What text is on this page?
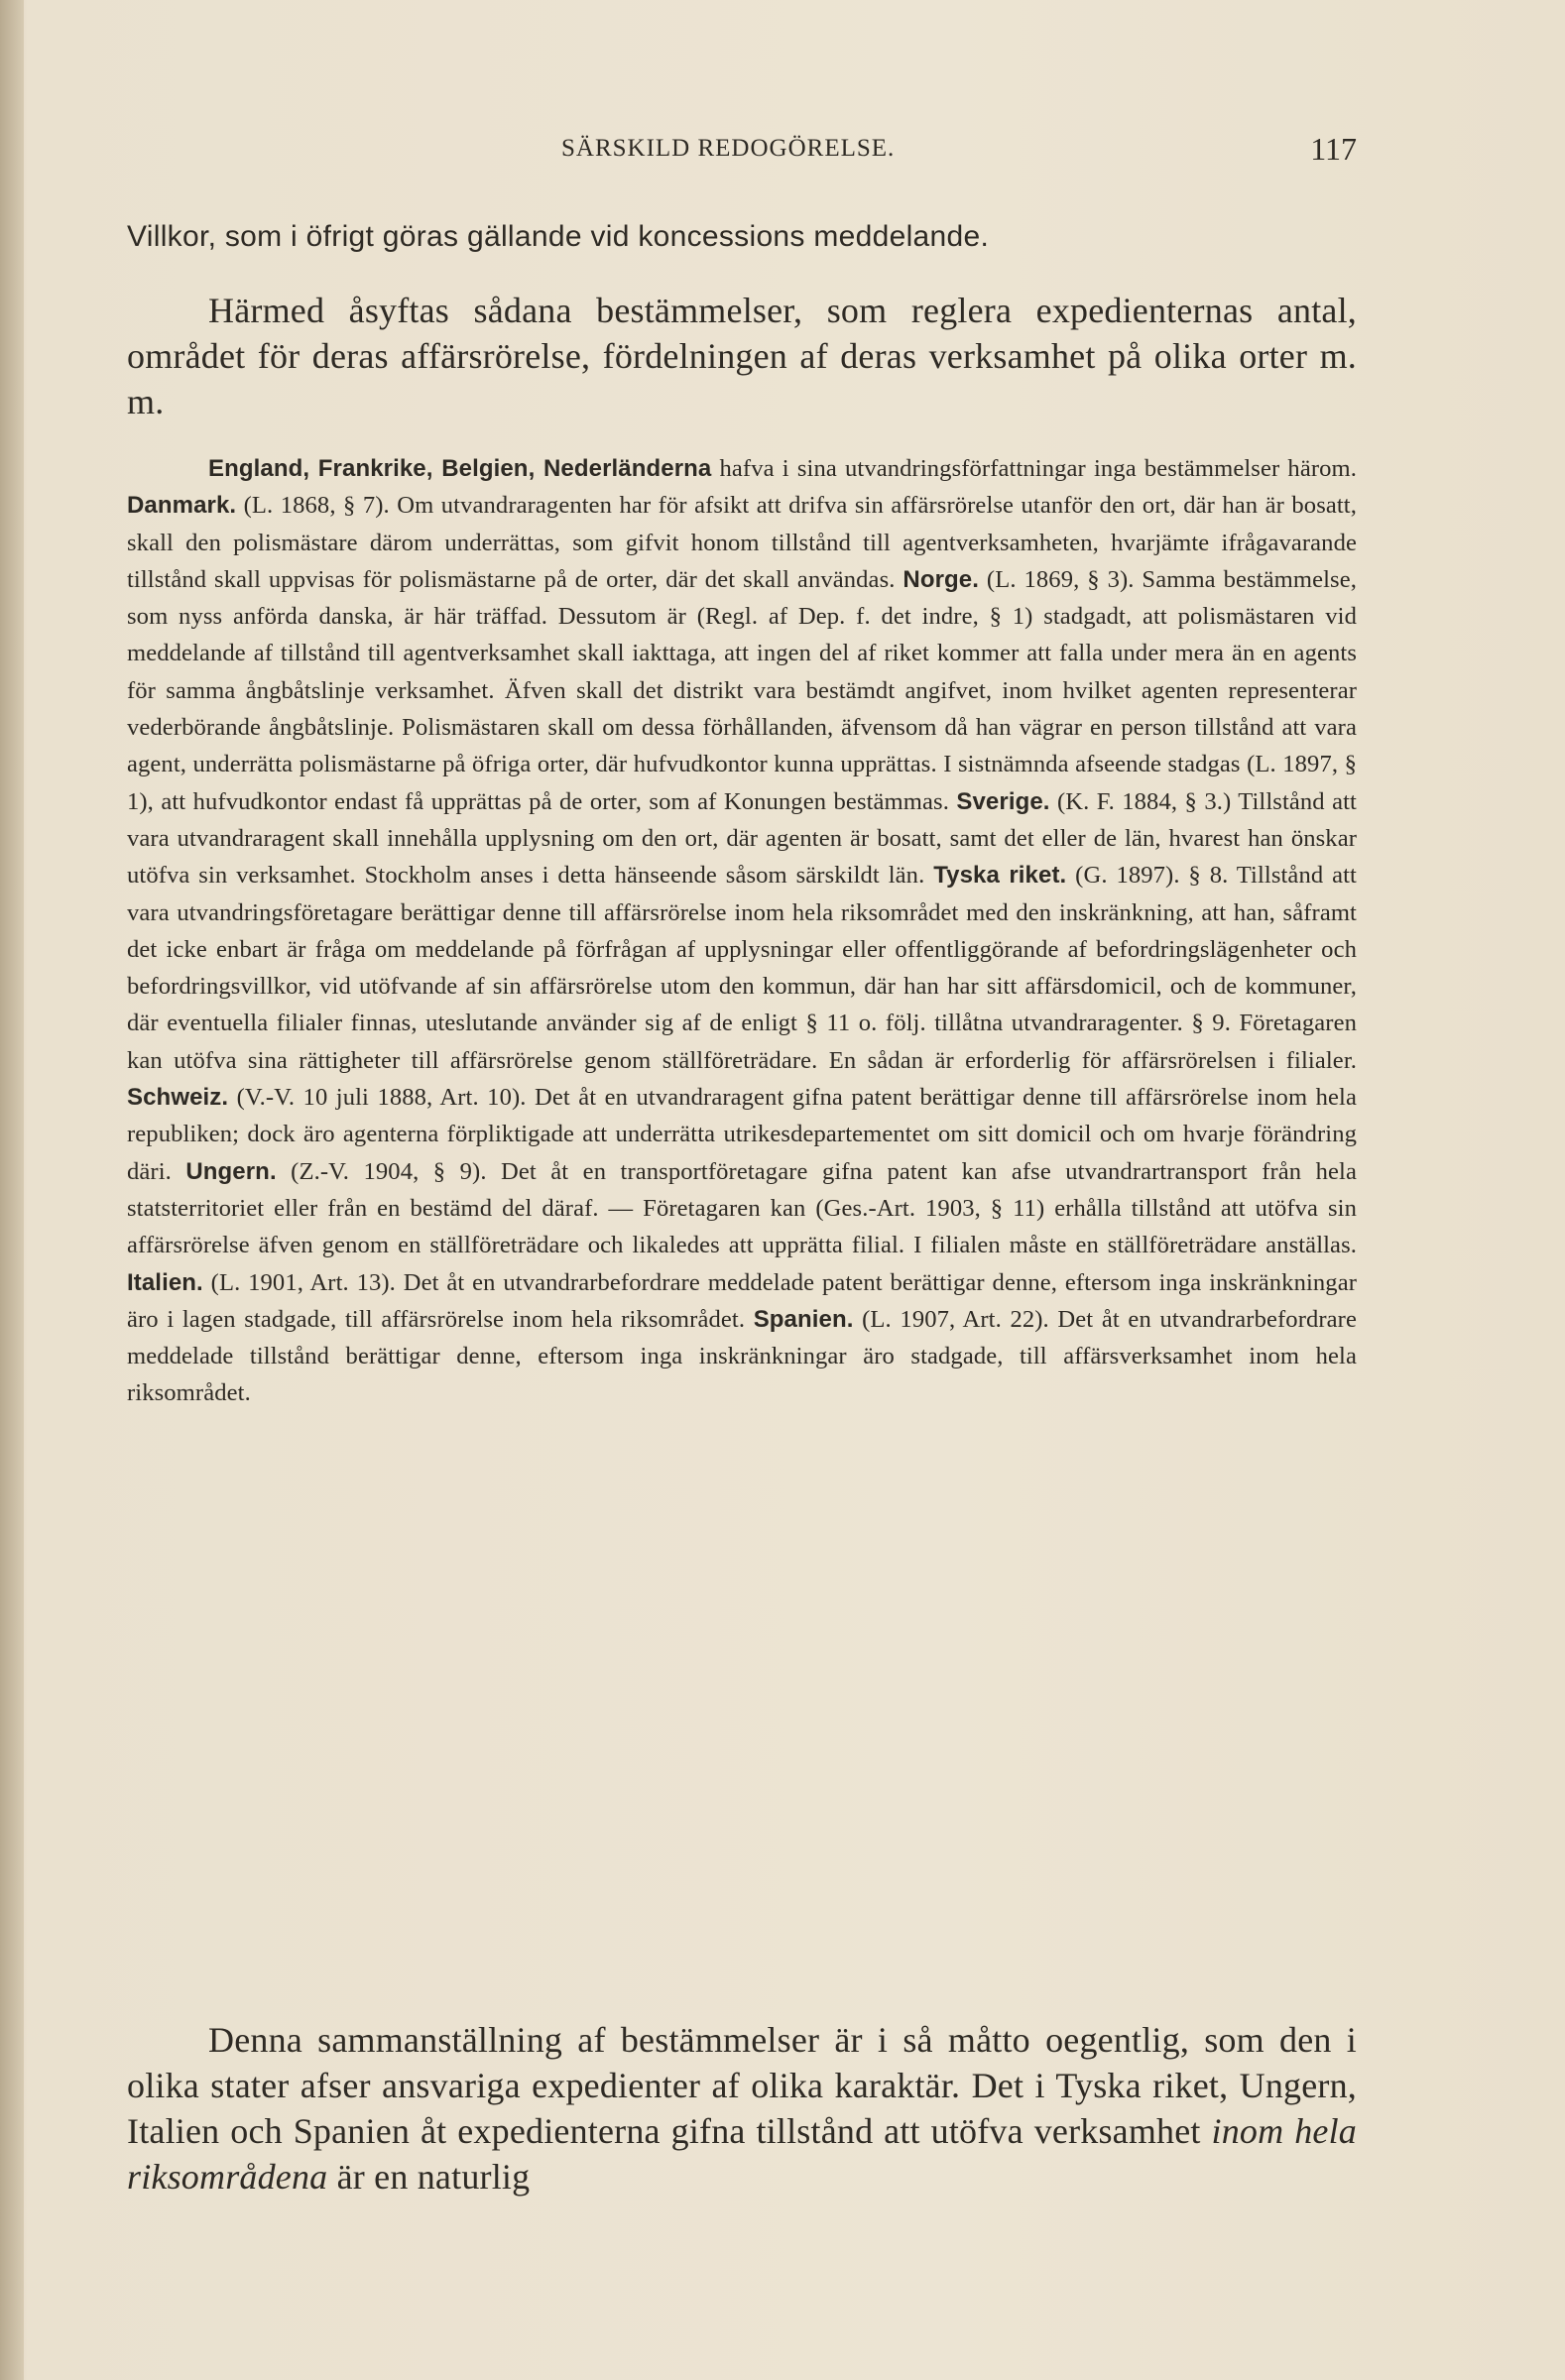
SÄRSKILD REDOGÖRELSE.	117
Villkor, som i öfrigt göras gällande vid koncessions meddelande.

Härmed åsyftas sådana bestämmelser, som reglera expedienternas antal, området för deras affärsrörelse, fördelningen af deras verksamhet på olika orter m. m.

England, Frankrike, Belgien, Nederländerna hafva i sina utvandringsförfattningar inga bestämmelser härom. Danmark. (L. 1868, § 7). Om utvandraragenten har för afsikt att drifva sin affärsrörelse utanför den ort, där han är bosatt, skall den polismästare därom underrättas, som gifvit honom tillstånd till agentverksamheten, hvarjämte ifrågavarande tillstånd skall uppvisas för polismästarne på de orter, där det skall användas. Norge. (L. 1869, § 3). Samma bestämmelse, som nyss anförda danska, är här träffad. Dessutom är (Regl. af Dep. f. det indre, § 1) stadgadt, att polismästaren vid meddelande af tillstånd till agentverksamhet skall iakttaga, att ingen del af riket kommer att falla under mera än en agents för samma ångbåtslinje verksamhet. Äfven skall det distrikt vara bestämdt angifvet, inom hvilket agenten representerar vederbörande ångbåtslinje. Polismästaren skall om dessa förhållanden, äfvensom då han vägrar en person tillstånd att vara agent, underrätta polismästarne på öfriga orter, där hufvudkontor kunna upprättas. I sistnämnda afseende stadgas (L. 1897, § 1), att hufvudkontor endast få upprättas på de orter, som af Konungen bestämmas. Sverige. (K. F. 1884, § 3.) Tillstånd att vara utvandraragent skall innehålla upplysning om den ort, där agenten är bosatt, samt det eller de län, hvarest han önskar utöfva sin verksamhet. Stockholm anses i detta hänseende såsom särskildt län. Tyska riket. (G. 1897). § 8. Tillstånd att vara utvandringsföretagare berättigar denne till affärsrörelse inom hela riksområdet med den inskränkning, att han, såframt det icke enbart är fråga om meddelande på förfrågan af upplysningar eller offentliggörande af befordringslägenheter och befordringsvillkor, vid utöfvande af sin affärsrörelse utom den kommun, där han har sitt affärsdomicil, och de kommuner, där eventuella filialer finnas, uteslutande använder sig af de enligt § 11 o. följ. tillåtna utvandraragenter. § 9. Företagaren kan utöfva sina rättigheter till affärsrörelse genom ställföreträdare. En sådan är erforderlig för affärsrörelsen i filialer. Schweiz. (V.-V. 10 juli 1888, Art. 10). Det åt en utvandraragent gifna patent berättigar denne till affärsrörelse inom hela republiken; dock äro agenterna förpliktigade att underrätta utrikesdepartementet om sitt domicil och om hvarje förändring däri. Ungern. (Z.-V. 1904, § 9). Det åt en transportföretagare gifna patent kan afse utvandrartransport från hela statsterritoriet eller från en bestämd del däraf. — Företagaren kan (Ges.-Art. 1903, § 11) erhålla tillstånd att utöfva sin affärsrörelse äfven genom en ställföreträdare och likaledes att upprätta filial. I filialen måste en ställföreträdare anställas. Italien. (L. 1901, Art. 13). Det åt en utvandrarbefordrare meddelade patent berättigar denne, eftersom inga inskränkningar äro i lagen stadgade, till affärsrörelse inom hela riksområdet. Spanien. (L. 1907, Art. 22). Det åt en utvandrarbefordrare meddelade tillstånd berättigar denne, eftersom inga inskränkningar äro stadgade, till affärsverksamhet inom hela riksområdet.

Denna sammanställning af bestämmelser är i så måtto oegentlig, som den i olika stater afser ansvariga expedienter af olika karaktär. Det i Tyska riket, Ungern, Italien och Spanien åt expedienterna gifna tillstånd att utöfva verksamhet inom hela riksområdena är en naturlig
